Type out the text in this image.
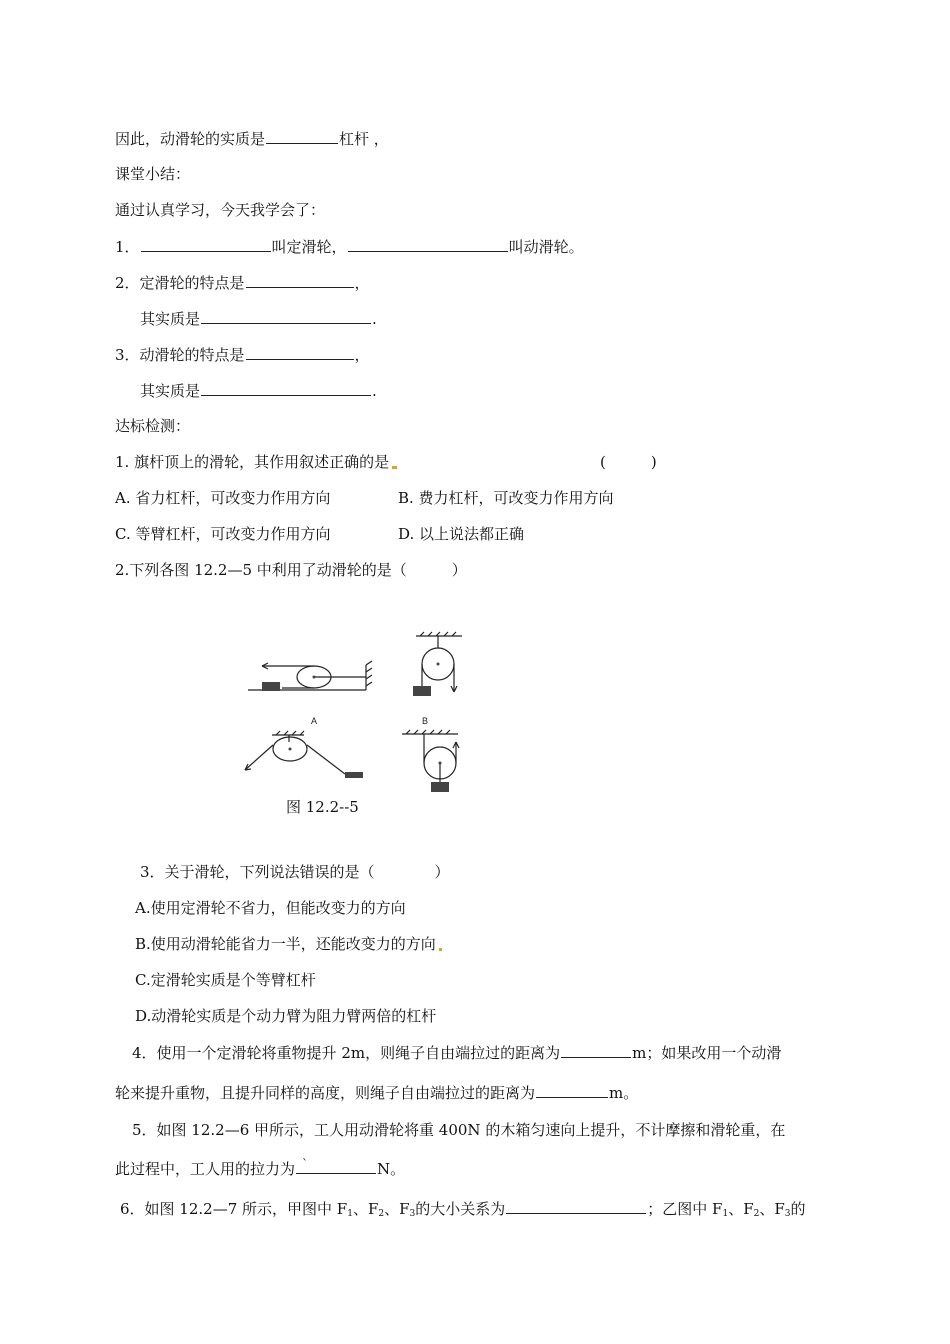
因此，动滑轮的实质是	杠杆 ，
课堂小结：
通过认真学习，今天我学会了：
1．	叫定滑轮，	叫动滑轮。
2．定滑轮的特点是	，
其实质是	.
3．动滑轮的特点是	，
其实质是	.
达标检测：
1. 旗杆顶上的滑轮，其作用叙述正确的是	(　　　)
A. 省力杠杆，可改变力作用方向	B. 费力杠杆，可改变力作用方向
C. 等臂杠杆，可改变力作用方向	D. 以上说法都正确
2.下列各图 12.2—5 中利用了动滑轮的是（　　　）
A	B
图 12.2--5
3．关于滑轮，下列说法错误的是（　　　　）
A.使用定滑轮不省力，但能改变力的方向
B.使用动滑轮能省力一半，还能改变力的方向
C.定滑轮实质是个等臂杠杆
D.动滑轮实质是个动力臂为阻力臂两倍的杠杆
4．使用一个定滑轮将重物提升 2m，则绳子自由端拉过的距离为	m；如果改用一个动滑
轮来提升重物，且提升同样的高度，则绳子自由端拉过的距离为	m。
5．如图 12.2—6 甲所示，工人用动滑轮将重 400N 的木箱匀速向上提升，不计摩擦和滑轮重，在
此过程中，工人用的拉力为 `	N。
6．如图 12.2—7 所示，甲图中 $F_1$、$F_2$、$F_3$的大小关系为	；乙图中 $F_1$、$F_2$、$F_3$的
